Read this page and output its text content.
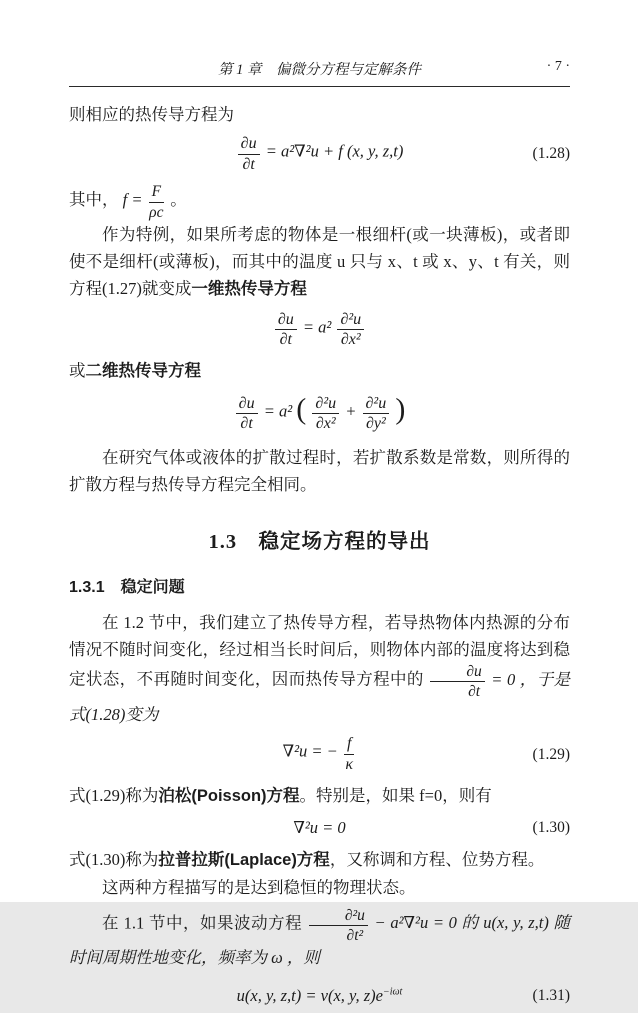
第 1 章　偏微分方程与定解条件	· 7 ·

则相应的热传导方程为

$\frac{\partial u}{\partial t} = a^2\nabla^2u + f$ (x, y, z,t)	(1.28)

其中， $f = \frac{F}{\rho c}$ 。

作为特例，如果所考虑的物体是一根细杆(或一块薄板)，或者即使不是细杆(或薄板)，而其中的温度 u 只与 x、t 或 x、y、t 有关，则方程(1.27)就变成一维热传导方程

$\frac{\partial u}{\partial t} = a^2 \frac{\text{∂²u}}{\text{∂x²}}$

或二维热传导方程

$\frac{\partial u}{\partial t} = a^2$ ( $\frac{\text{∂²u}}{\text{∂x²}} + \frac{\text{∂²u}}{\text{∂y²}}$ )

在研究气体或液体的扩散过程时，若扩散系数是常数，则所得的扩散方程与热传导方程完全相同。

1.3　稳定场方程的导出
1.3.1　稳定问题

在 1.2 节中，我们建立了热传导方程，若导热物体内热源的分布情况不随时间变化，经过相当长时间后，则物体内部的温度将达到稳定状态，不再随时间变化，因而热传导方程中的 $\frac{\partial u}{\partial t} = 0$ ，于是式(1.28)变为

∇²u = − $\frac{f}{\kappa}$	(1.29)

式(1.29)称为泊松(Poisson)方程。特别是，如果 f=0，则有

∇²u = 0	(1.30)

式(1.30)称为拉普拉斯(Laplace)方程，又称调和方程、位势方程。

这两种方程描写的是达到稳恒的物理状态。

在 1.1 节中，如果波动方程 $\frac{\text{∂²u}}{\text{∂t²}} - a^2\nabla^2u = 0$ 的 u(x, y, z,t) 随时间周期性地变化，频率为 ω ，则

u(x, y, z,t) = v(x, y, $z)e^{-i\omega t}$	(1.31)
